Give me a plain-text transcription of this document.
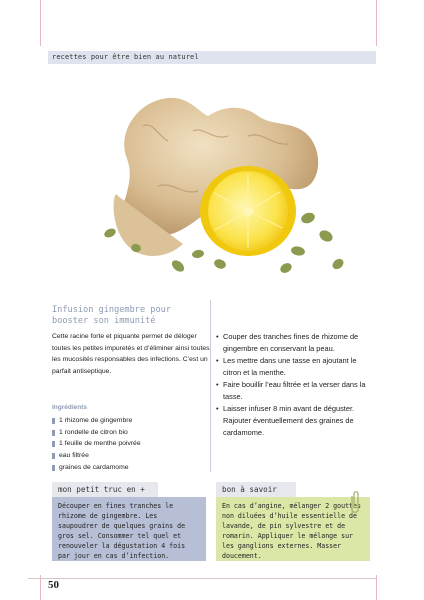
recettes pour être bien au naturel
Infusion gingembre pour booster son immunité
Cette racine forte et piquante permet de déloger toutes les petites impuretés et d’éliminer ainsi toutes les mucosités responsables des infections. C’est un parfait antiseptique.
Ingrédients
1 rhizome de gingembre
1 rondelle de citron bio
1 feuille de menthe poivrée
eau filtrée
graines de cardamome
• Couper des tranches fines de rhizome de gingembre en conservant la peau.
• Les mettre dans une tasse en ajoutant le citron et la menthe.
• Faire bouillir l’eau filtrée et la verser dans la tasse.
• Laisser infuser 8 min avant de déguster. Rajouter éventuellement des graines de cardamome.
mon petit truc en +
Découper en fines tranches le rhizome de gingembre. Les saupoudrer de quelques grains de gros sel. Consommer tel quel et renouveler la dégustation 4 fois par jour en cas d’infection.
bon à savoir
En cas d’angine, mélanger 2 gouttes non diluées d’huile essentielle de lavande, de pin sylvestre et de romarin. Appliquer le mélange sur les ganglions externes. Masser doucement.
50
